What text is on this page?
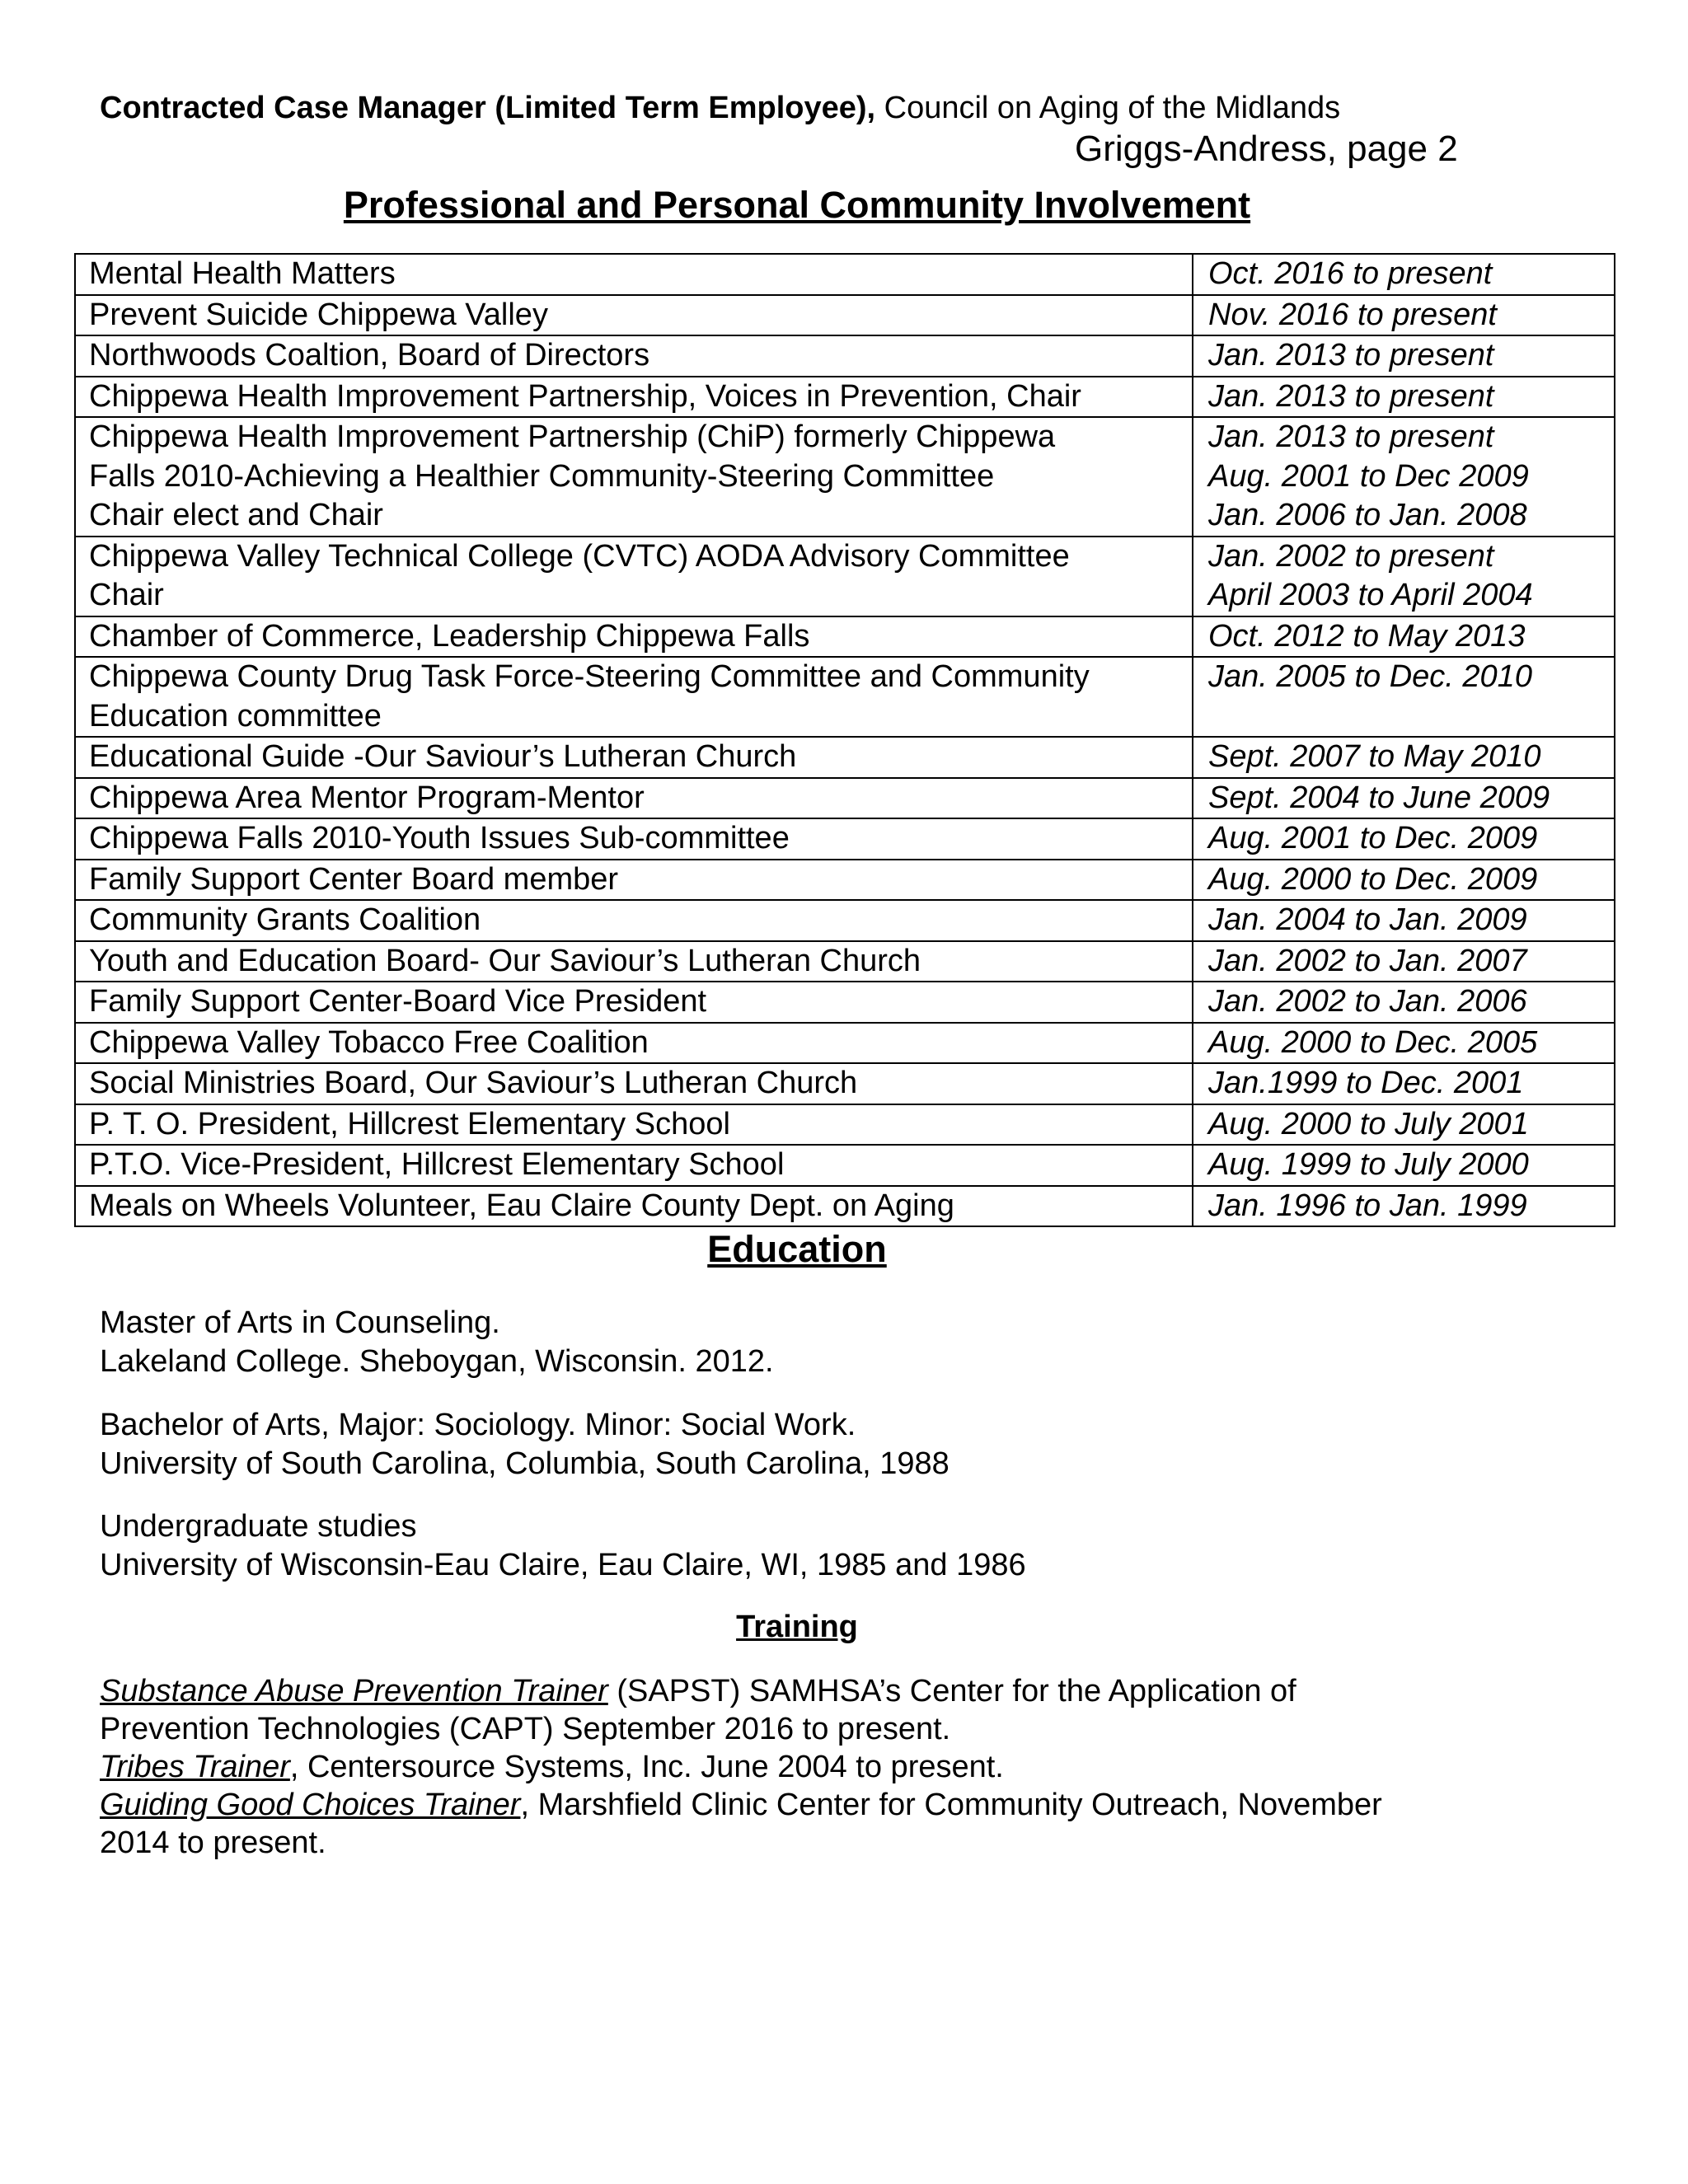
Contracted Case Manager (Limited Term Employee), Council on Aging of the Midlands
Griggs-Andress, page 2
Professional and Personal Community Involvement
Mental Health Matters	Oct. 2016 to present

Prevent Suicide Chippewa Valley	Nov. 2016 to present

Northwoods Coaltion, Board of Directors	Jan. 2013 to present

Chippewa Health Improvement Partnership, Voices in Prevention, Chair	Jan. 2013 to present

Chippewa Health Improvement Partnership (ChiP) formerly Chippewa
Falls 2010-Achieving a Healthier Community-Steering Committee
Chair elect and Chair	Jan. 2013 to present
Aug. 2001 to Dec 2009
Jan. 2006 to Jan. 2008

Chippewa Valley Technical College (CVTC) AODA Advisory Committee
Chair	Jan. 2002 to present
April 2003 to April 2004

Chamber of Commerce, Leadership Chippewa Falls	Oct. 2012 to May 2013

Chippewa County Drug Task Force-Steering Committee and Community
Education committee	Jan. 2005 to Dec. 2010

Educational Guide -Our Saviour’s Lutheran Church	Sept. 2007 to May 2010

Chippewa Area Mentor Program-Mentor	Sept. 2004 to June 2009

Chippewa Falls 2010-Youth Issues Sub-committee	Aug. 2001 to Dec. 2009

Family Support Center Board member	Aug. 2000 to Dec. 2009

Community Grants Coalition	Jan. 2004 to Jan. 2009

Youth and Education Board- Our Saviour’s Lutheran Church	Jan. 2002 to Jan. 2007

Family Support Center-Board Vice President	Jan. 2002 to Jan. 2006

Chippewa Valley Tobacco Free Coalition	Aug. 2000 to Dec. 2005

Social Ministries Board, Our Saviour’s Lutheran Church	Jan.1999 to Dec. 2001

P. T. O. President, Hillcrest Elementary School	Aug. 2000 to July 2001

P.T.O. Vice-President, Hillcrest Elementary School	Aug. 1999 to July 2000

Meals on Wheels Volunteer, Eau Claire County Dept. on Aging	Jan. 1996 to Jan. 1999
Education
Master of Arts in Counseling.
Lakeland College. Sheboygan, Wisconsin. 2012.
Bachelor of Arts, Major: Sociology. Minor: Social Work.
University of South Carolina, Columbia, South Carolina, 1988
Undergraduate studies
University of Wisconsin-Eau Claire, Eau Claire, WI, 1985 and 1986
Training
Substance Abuse Prevention Trainer (SAPST) SAMHSA’s Center for the Application of
Prevention Technologies (CAPT) September 2016 to present.
Tribes Trainer, Centersource Systems, Inc. June 2004 to present.
Guiding Good Choices Trainer, Marshfield Clinic Center for Community Outreach, November
2014 to present.
